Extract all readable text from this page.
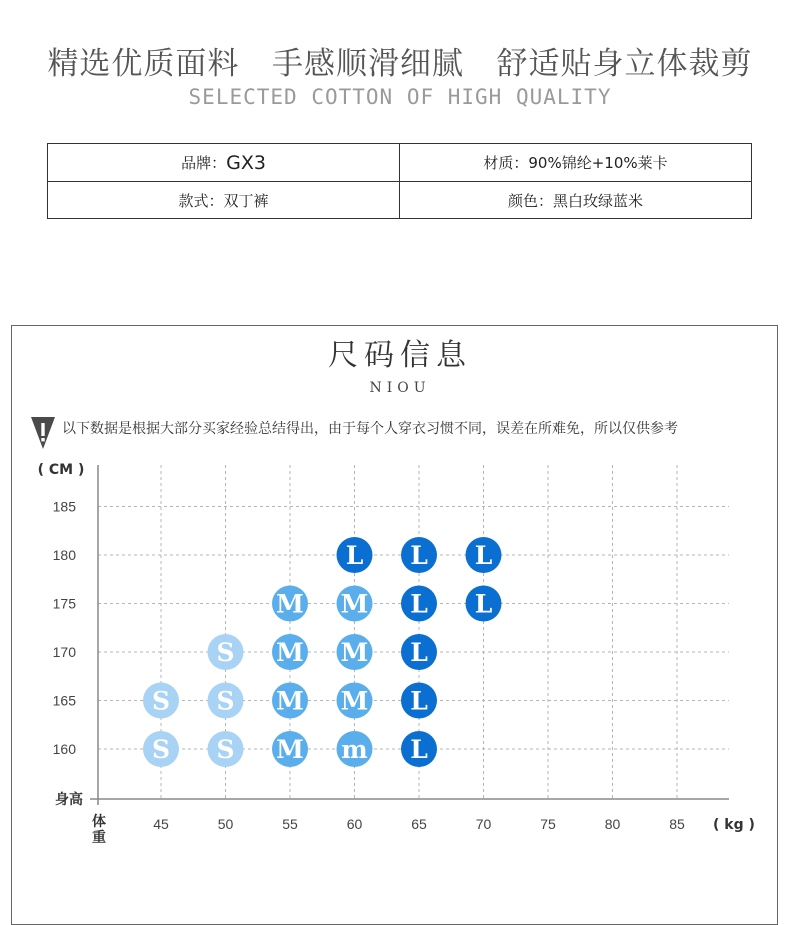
精选优质面料   手感顺滑细腻   舒适贴身立体裁剪
SELECTED COTTON OF HIGH QUALITY
品牌： GX3	材质：90%锦纶+10%莱卡
款式：双丁裤	颜色：黑白玫绿蓝米
尺码信息
NIOU
以下数据是根据大部分买家经验总结得出，由于每个人穿衣习惯不同，误差在所难免，所以仅供参考
45	50	55	60	65	70	75	80	85
160
165
170
175
180
185
( CM )
身高
( kg )
体重
S
S
S
S
S
M
M
M
M
L
M
M
M
m
L
L
L
L
L
L
L
